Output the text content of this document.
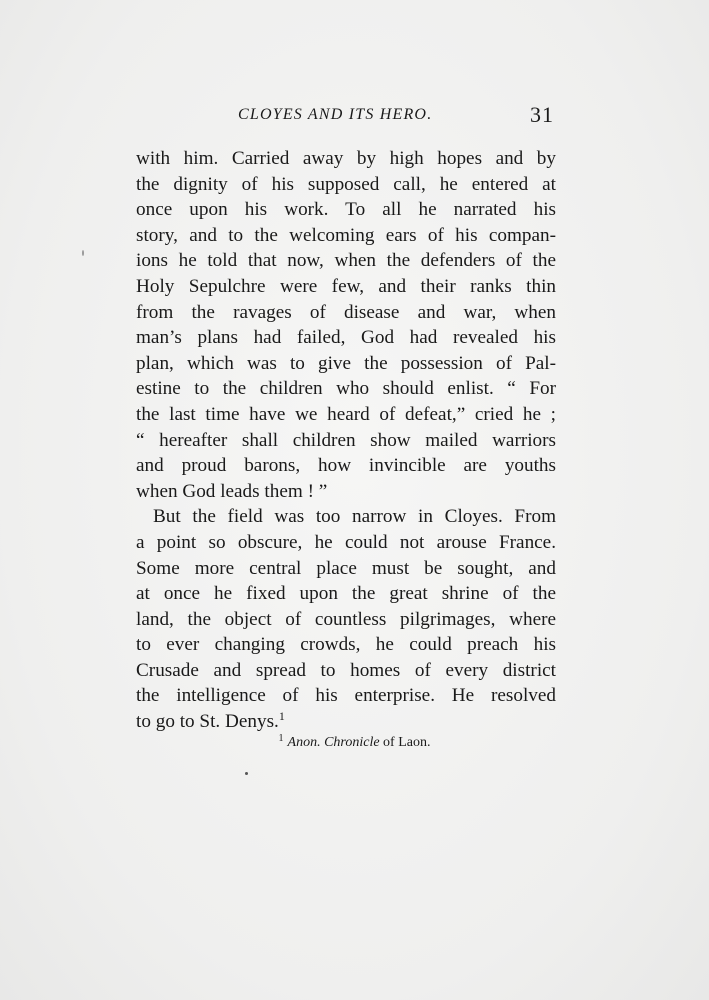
CLOYES AND ITS HERO.	31
with him. Carried away by high hopes and by
the dignity of his supposed call, he entered at
once upon his work. To all he narrated his
story, and to the welcoming ears of his compan-
ions he told that now, when the defenders of the
Holy Sepulchre were few, and their ranks thin
from the ravages of disease and war, when
man’s plans had failed, God had revealed his
plan, which was to give the possession of Pal-
estine to the children who should enlist. “ For
the last time have we heard of defeat,” cried he ;
“ hereafter shall children show mailed warriors
and proud barons, how invincible are youths
when God leads them ! ”
But the field was too narrow in Cloyes. From
a point so obscure, he could not arouse France.
Some more central place must be sought, and
at once he fixed upon the great shrine of the
land, the object of countless pilgrimages, where
to ever changing crowds, he could preach his
Crusade and spread to homes of every district
the intelligence of his enterprise. He resolved
to go to St. Denys.$^1$
$^1$ Anon. Chronicle of Laon.
